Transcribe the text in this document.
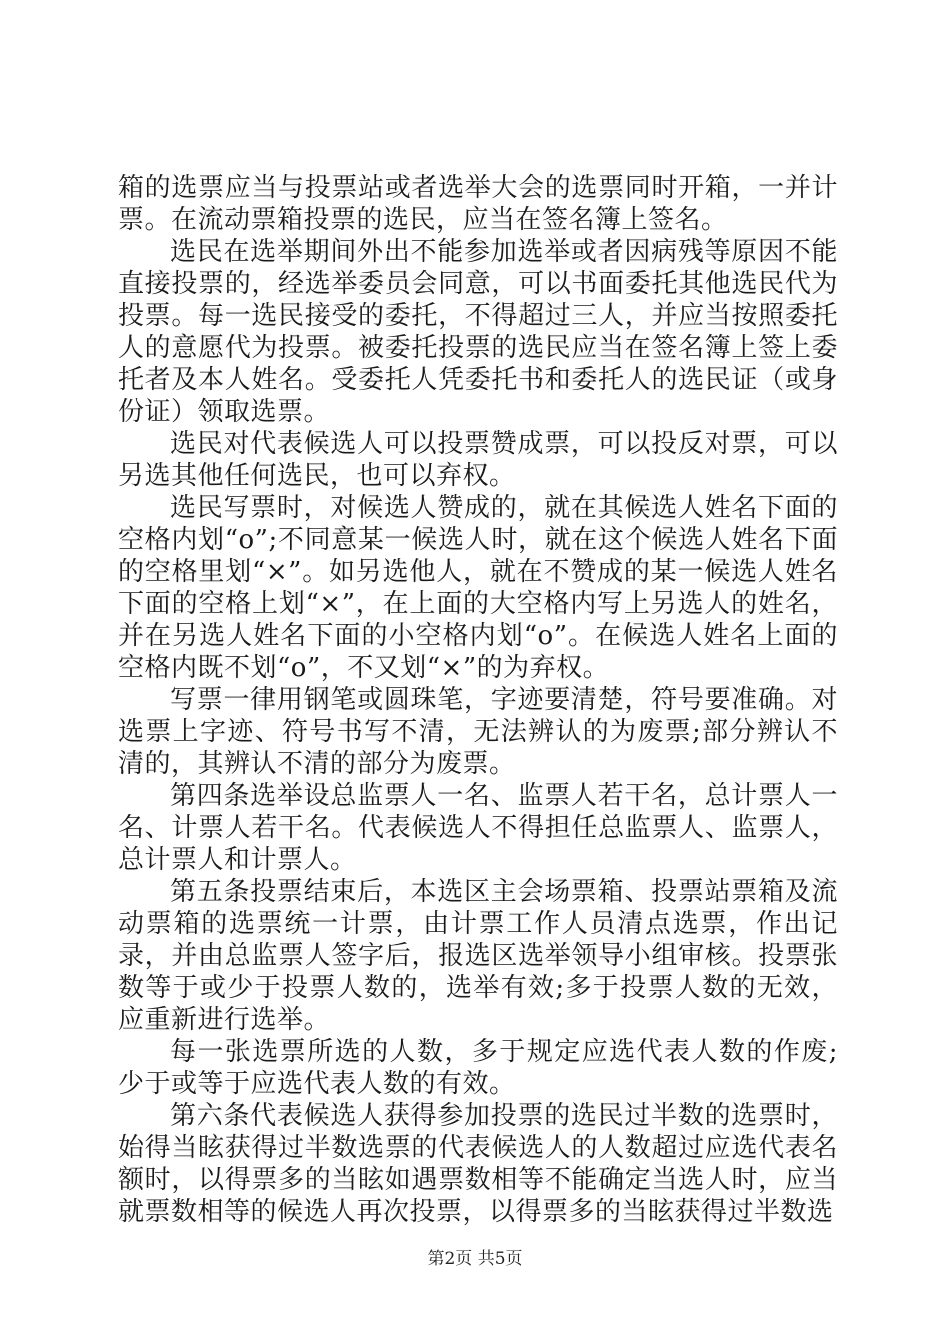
箱的选票应当与投票站或者选举大会的选票同时开箱，一并计票。在流动票箱投票的选民，应当在签名簿上签名。

选民在选举期间外出不能参加选举或者因病残等原因不能直接投票的，经选举委员会同意，可以书面委托其他选民代为投票。每一选民接受的委托，不得超过三人，并应当按照委托人的意愿代为投票。被委托投票的选民应当在签名簿上签上委托者及本人姓名。受委托人凭委托书和委托人的选民证（或身份证）领取选票。

选民对代表候选人可以投票赞成票，可以投反对票，可以另选其他任何选民，也可以弃权。

选民写票时，对候选人赞成的，就在其候选人姓名下面的空格内划“o”;不同意某一候选人时，就在这个候选人姓名下面的空格里划“×”。如另选他人，就在不赞成的某一候选人姓名下面的空格上划“×”，在上面的大空格内写上另选人的姓名，并在另选人姓名下面的小空格内划“o”。在候选人姓名上面的空格内既不划“o”，不又划“×”的为弃权。

写票一律用钢笔或圆珠笔，字迹要清楚，符号要准确。对选票上字迹、符号书写不清，无法辨认的为废票;部分辨认不清的，其辨认不清的部分为废票。

第四条选举设总监票人一名、监票人若干名，总计票人一名、计票人若干名。代表候选人不得担任总监票人、监票人，总计票人和计票人。

第五条投票结束后，本选区主会场票箱、投票站票箱及流动票箱的选票统一计票，由计票工作人员清点选票，作出记录，并由总监票人签字后，报选区选举领导小组审核。投票张数等于或少于投票人数的，选举有效;多于投票人数的无效，应重新进行选举。

每一张选票所选的人数，多于规定应选代表人数的作废;少于或等于应选代表人数的有效。

第六条代表候选人获得参加投票的选民过半数的选票时，始得当眩获得过半数选票的代表候选人的人数超过应选代表名额时，以得票多的当眩如遇票数相等不能确定当选人时，应当就票数相等的候选人再次投票，以得票多的当眩获得过半数选

第2页 共5页
